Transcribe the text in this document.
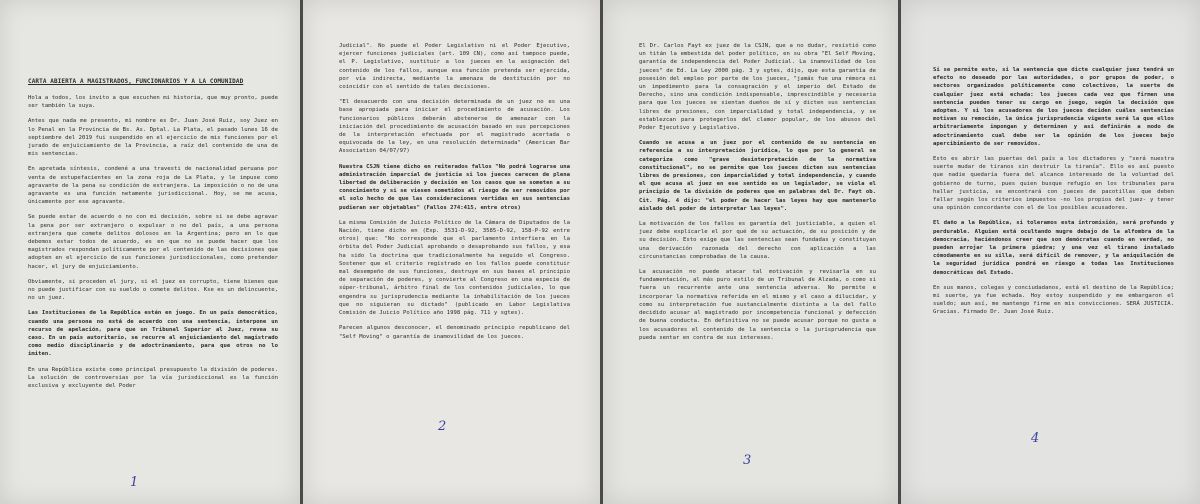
CARTA ABIERTA A MAGISTRADOS, FUNCIONARIOS Y A LA COMUNIDAD

Hola a todos, los invito a que escuchen mi historia, que muy pronto, puede ser también la suya.

Antes que nada me presento, mi nombre es Dr. Juan José Ruiz, soy Juez en lo Penal en la Provincia de Bs. As. Dptal. La Plata, el pasado lunes 16 de septiembre del 2019 fui suspendido en el ejercicio de mis funciones por el jurado de enjuiciamiento de la Provincia, a raíz del contenido de una de mis sentencias.

En apretada síntesis, condené a una travesti de nacionalidad peruana por venta de estupefacientes en la zona roja de La Plata, y le impuse como agravante de la pena su condición de extranjera. La imposición o no de una agravante es una función netamente jurisdiccional. Hoy, se me acusa, únicamente por ese agravante.

Se puede estar de acuerdo o no con mi decisión, sobre si se debe agravar la pena por ser extranjero o expulsar o no del país, a una persona extranjera que comete delitos dolosos en la Argentina; pero en lo que debemos estar todos de acuerdo, es en que no se puede hacer que los magistrados respondan políticamente por el contenido de las decisiones que adopten en el ejercicio de sus funciones jurisdiccionales, como pretender hacer, el jury de enjuiciamiento.

Obviamente, si proceden el jury, si el juez es corrupto, tiene bienes que no puede justificar con su sueldo o comete delitos. Kse es un delincuente, no un juez.

Las Instituciones de la República están en juego. En un país democrático, cuando una persona no está de acuerdo con una sentencia, interpone un recurso de apelación, para que un Tribunal Superior al Juez, revea su caso. En un país autoritario, se recurre al enjuiciamiento del magistrado como medio disciplinario y de adoctrinamiento, para que otros no lo imiten.

En una República existe como principal presupuesto la división de poderes. La solución de controversias por la vía jurisdiccional es la función exclusiva y excluyente del Poder

1

Judicial". No puede el Poder Legislativo ni el Poder Ejecutivo, ejercer funciones judiciales (art. 109 CN), como así tampoco puede, el P. Legislativo, sustituir a los jueces en la asignación del contenido de los fallos, aunque esa función pretenda ser ejercida, por vía indirecta, mediante la amenaza de destitución por no coincidir con el sentido de tales decisiones.

"El desacuerdo con una decisión determinada de un juez no es una base apropiada para iniciar el procedimiento de acusación. Los funcionarios públicos deberán abstenerse de amenazar con la iniciación del procedimiento de acusación basado en sus percepciones de la interpretación efectuada por el magistrado acertada o equivocada de la ley, en una resolución determinada" (American Bar Association 04/07/97)

Nuestra CSJN tiene dicho en reiterados fallos "No podrá lograrse una administración imparcial de justicia si los jueces carecen de plena libertad de deliberación y decisión en los casos que se someten a su conocimiento y si se viesen sometidos al riesgo de ser removidos por el solo hecho de que las consideraciones vertidas en sus sentencias pudieran ser objetables" (Fallos 274:415, entre otros)

La misma Comisión de Juicio Político de la Cámara de Diputados de la Nación, tiene dicho en (Exp. 3531-D-92, 3585-D-92, 158-P-92 entre otros) que: "No corresponde que el parlamento interfiera en la órbita del Poder Judicial aprobando o desaprobando sus fallos, y esa ha sido la doctrina que tradicionalmente ha seguido el Congreso. Sostener que el criterio registrado en los fallos puede constituir mal desempeño de sus funciones, destruye en sus bases el principio de separación de poderes, y convierte al Congreso en una especie de súper-tribunal, árbitro final de los contenidos judiciales, lo que engendra su jurisprudencia mediante la inhabilitación de los jueces que no siguieran su dictado" (publicado en Labor Legislativa Comisión de Juicio Político año 1998 pág. 711 y sgtes).

Parecen algunos desconocer, el denominado principio republicano del "Self Moving" o garantía de inamovilidad de los jueces.

2

El Dr. Carlos Fayt ex juez de la CSJN, que a no dudar, resistió como un titán la embestida del poder político, en su obra "El Self Moving, garantía de independencia del Poder Judicial. La inamovilidad de los jueces" de Ed. La Ley 2000 pág. 3 y sgtes, dijo, que esta garantía de posesión del empleo por parte de los jueces, "jamás fue una rémora ni un impedimento para la consagración y el imperio del Estado de Derecho, sino una condición indispensable, imprescindible y necesaria para que los jueces se sientan dueños de sí y dicten sus sentencias libres de presiones, con imparcialidad y total independencia, y se establezcan para protegerlos del clamor popular, de los abusos del Poder Ejecutivo y Legislativo.

Cuando se acusa a un juez por el contenido de su sentencia en referencia a su interpretación jurídica, lo que por lo general se categoriza como "grave desinterpretación de la normativa constitucional", no se permite que los jueces dicten sus sentencias libres de presiones, con imparcialidad y total independencia, y cuando el que acusa al juez en ese sentido es un legislador, se viola el principio de la división de poderes que en palabras del Dr. Fayt ob. Cit. Pág. 4 dijo: "el poder de hacer las leyes hay que mantenerlo aislado del poder de interpretar las leyes".

La motivación de los fallos es garantía del justiciable, a quien el juez debe explicarle el por qué de su actuación, de su posición y de su decisión. Esto exige que las sentencias sean fundadas y constituyan una derivación razonada del derecho con aplicación a las circunstancias comprobadas de la causa.

La acusación no puede atacar tal motivación y revisarla en su fundamentación, al más puro estilo de un Tribunal de Alzada, o como si fuera un recurrente ante una sentencia adversa. No permite e incorporar la normativa referida en el mismo y el caso a dilucidar, y como su interpretación fue sustancialmente distinta a la del fallo decidido acusar al magistrado por incompetencia funcional y defección de buena conducta. En definitiva no se puede acusar porque no gusta a los acusadores el contenido de la sentencia o la jurisprudencia que pueda sentar en contra de sus intereses.

3

Si se permite esto, si la sentencia que dicte cualquier juez tendrá un efecto no deseado por las autoridades, o por grupos de poder, o sectores organizados políticamente como colectivos, la suerte de cualquier juez está echada: los jueces cada vez que firmen una sentencia pueden tener su cargo en juego, según la decisión que adopten. Y si los acusadores de los jueces deciden cuáles sentencias motivan su remoción, la única jurisprudencia vigente será la que ellos arbitrariamente impongan y determinen y así definirán a modo de adoctrinamiento cual debe ser la opinión de los jueces bajo apercibimiento de ser removidos.

Esto es abrir las puertas del país a los dictadores y "será nuestra suerte mudar de tiranos sin destruir la tiranía". Ello es así puesto que nadie quedaría fuera del alcance interesado de la voluntad del gobierno de turno, pues quien busque refugio en los tribunales para hallar justicia, se encontrará con jueces de pacotillas que deben fallar según los criterios impuestos -no los propios del juez- y tener una opinión concordante con el de los posibles acusadores.

El daño a la República, si toleramos esta intromisión, será profundo y perdurable. Alguien está ocultando mugre debajo de la alfombra de la democracia, haciéndonos creer que son demócratas cuando en verdad, no pueden arrojar la primera piedra; y una vez el tirano instalado cómodamente en su silla, será difícil de remover, y la aniquilación de la seguridad jurídica pondrá en riesgo a todas las Instituciones democráticas del Estado.

En sus manos, colegas y conciudadanos, está el destino de la República; mi suerte, ya fue echada. Hoy estoy suspendido y me embargaron el sueldo; aun así, me mantengo firme en mis convicciones. SERÁ JUSTICIA. Gracias. Firmado Dr. Juan José Ruiz.

4
